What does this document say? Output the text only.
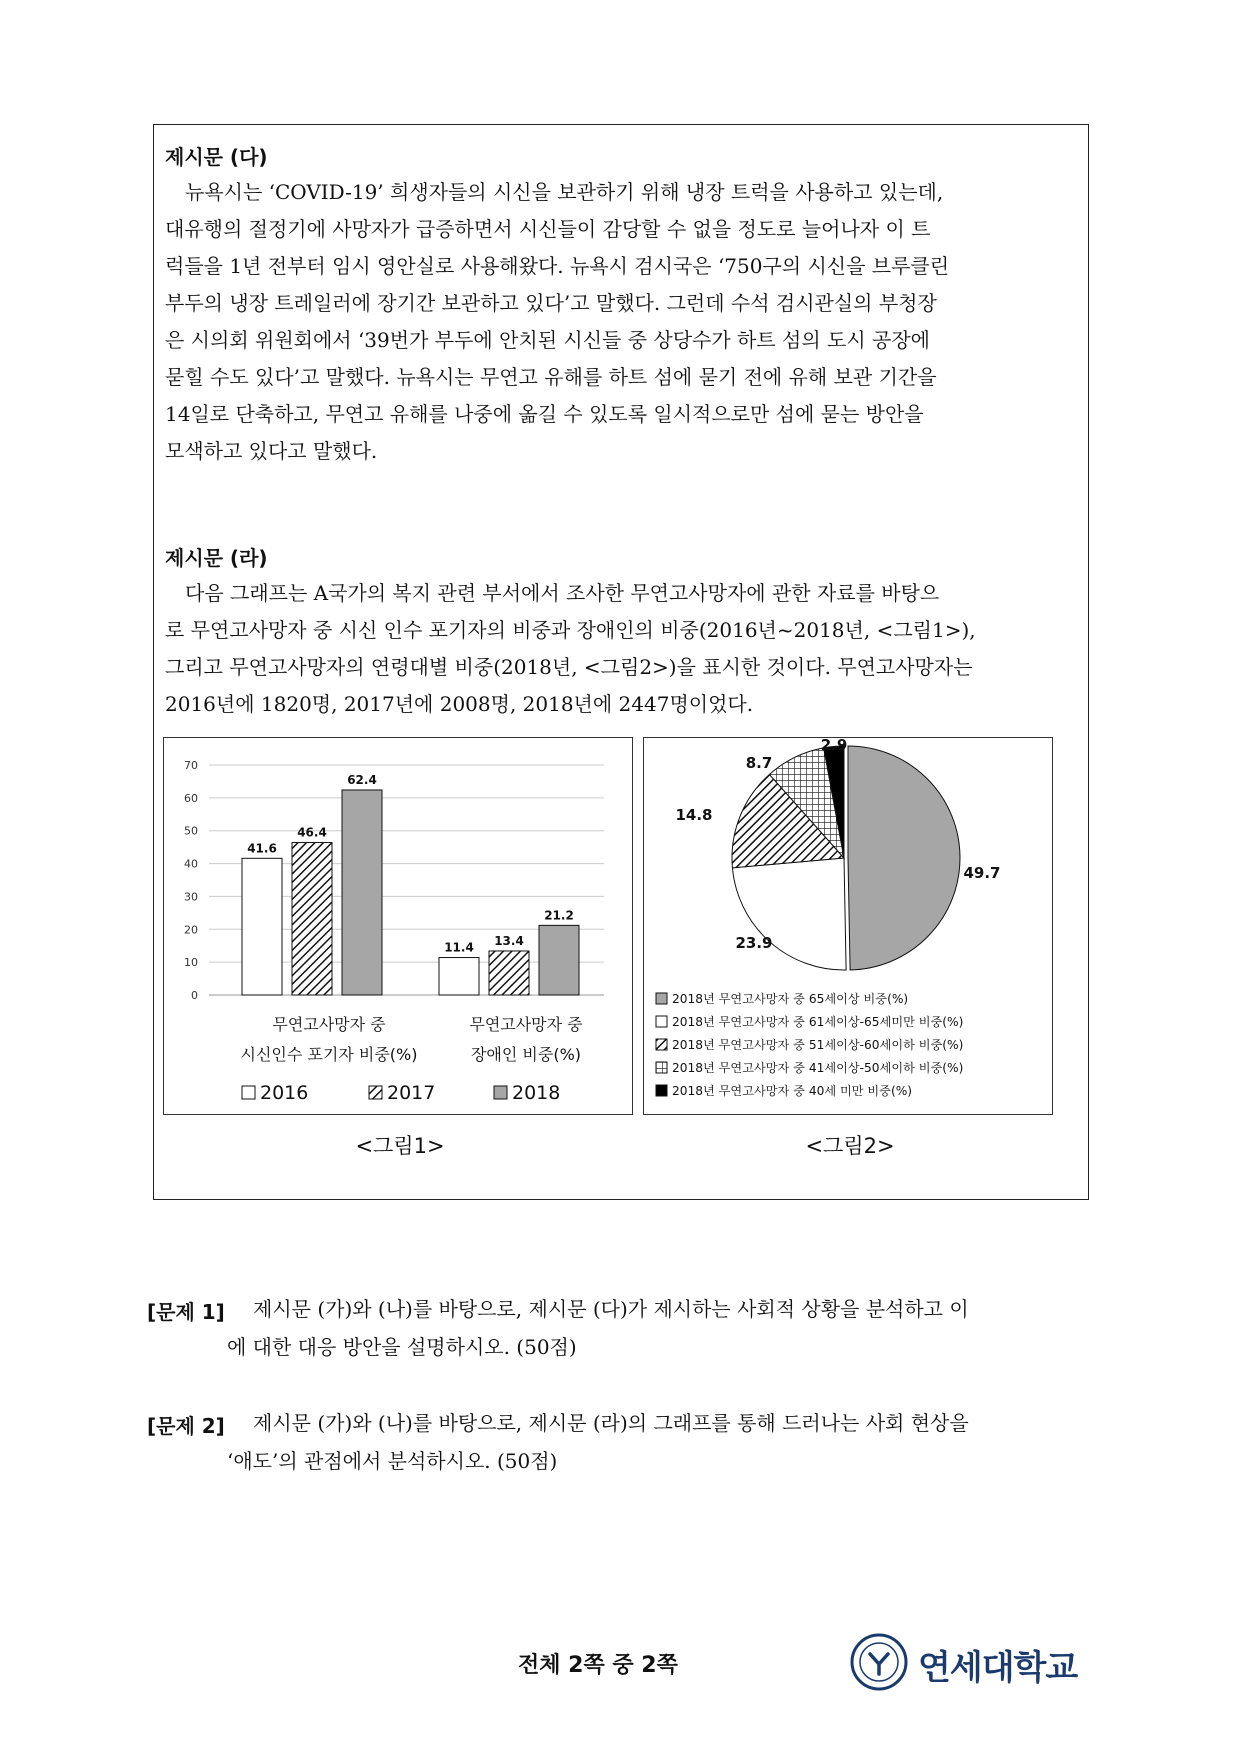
제시문 (다)
　뉴욕시는 ‘COVID-19’ 희생자들의 시신을 보관하기 위해 냉장 트럭을 사용하고 있는데,
대유행의 절정기에 사망자가 급증하면서 시신들이 감당할 수 없을 정도로 늘어나자 이 트
럭들을 1년 전부터 임시 영안실로 사용해왔다. 뉴욕시 검시국은 ‘750구의 시신을 브루클린
부두의 냉장 트레일러에 장기간 보관하고 있다’고 말했다. 그런데 수석 검시관실의 부청장
은 시의회 위원회에서 ‘39번가 부두에 안치된 시신들 중 상당수가 하트 섬의 도시 공장에
묻힐 수도 있다’고 말했다. 뉴욕시는 무연고 유해를 하트 섬에 묻기 전에 유해 보관 기간을
14일로 단축하고, 무연고 유해를 나중에 옮길 수 있도록 일시적으로만 섬에 묻는 방안을
모색하고 있다고 말했다.
제시문 (라)
　다음 그래프는 A국가의 복지 관련 부서에서 조사한 무연고사망자에 관한 자료를 바탕으
로 무연고사망자 중 시신 인수 포기자의 비중과 장애인의 비중(2016년~2018년, <그림1>),
그리고 무연고사망자의 연령대별 비중(2018년, <그림2>)을 표시한 것이다. 무연고사망자는
2016년에 1820명, 2017년에 2008명, 2018년에 2447명이었다.
0
10
20
30
40
50
60
70
41.6
46.4
62.4
11.4 13.4
21.2
2016	2017	2018
무연고사망자 중
시신인수 포기자 비중(%)
무연고사망자 중
장애인 비중(%)
<그림1>
49.7
23.9
14.8
8.7
2.9
2018년 무연고사망자 중 65세이상 비중(%)
2018년 무연고사망자 중 61세이상-65세미만 비중(%)
2018년 무연고사망자 중 51세이상-60세이하 비중(%)
2018년 무연고사망자 중 41세이상-50세이하 비중(%)
2018년 무연고사망자 중 40세 미만 비중(%)
<그림2>
[문제 1] 제시문 (가)와 (나)를 바탕으로, 제시문 (다)가 제시하는 사회적 상황을 분석하고 이
에 대한 대응 방안을 설명하시오. (50점)
[문제 2] 제시문 (가)와 (나)를 바탕으로, 제시문 (라)의 그래프를 통해 드러나는 사회 현상을
‘애도’의 관점에서 분석하시오. (50점)
전체 2쪽 중 2쪽	연세대학교
